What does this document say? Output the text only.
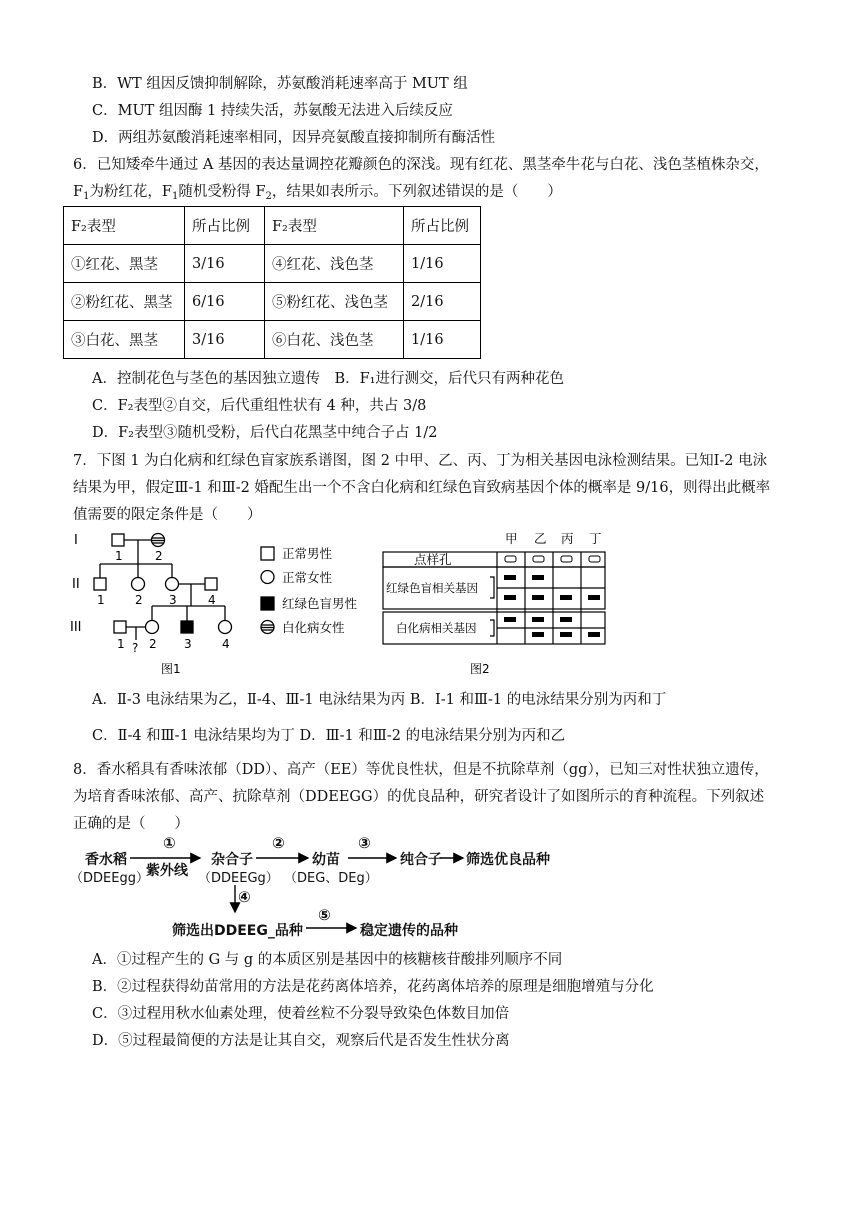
B．WT 组因反馈抑制解除，苏氨酸消耗速率高于 MUT 组
C．MUT 组因酶 1 持续失活，苏氨酸无法进入后续反应
D．两组苏氨酸消耗速率相同，因异亮氨酸直接抑制所有酶活性
6．已知矮牵牛通过 A 基因的表达量调控花瓣颜色的深浅。现有红花、黑茎牵牛花与白花、浅色茎植株杂交，
$F_1$为粉红花，$F_1$随机受粉得 $F_2$，结果如表所示。下列叙述错误的是（　　）
F₂表型	所占比例	F₂表型	所占比例
①红花、黑茎	3/16	④红花、浅色茎	1/16
②粉红花、黑茎	6/16	⑤粉红花、浅色茎	2/16
③白花、黑茎	3/16	⑥白花、浅色茎	1/16
A．控制花色与茎色的基因独立遗传　B．F₁进行测交，后代只有两种花色
C．F₂表型②自交，后代重组性状有 4 种，共占 3/8
D．F₂表型③随机受粉，后代白花黑茎中纯合子占 1/2
7．下图 1 为白化病和红绿色盲家族系谱图，图 2 中甲、乙、丙、丁为相关基因电泳检测结果。已知Ⅰ-2 电泳
结果为甲，假定Ⅲ-1 和Ⅲ-2 婚配生出一个不含白化病和红绿色盲致病基因个体的概率是 9/16，则得出此概率
值需要的限定条件是（　　）
I
II
III
1	2
1	2 3	4
1 2 3	4
?
图1
正常男性
正常女性
红绿色盲男性
白化病女性
甲 乙 丙 丁
点样孔
红绿色盲相关基因
白化病相关基因
图2
A．Ⅱ-3 电泳结果为乙，Ⅱ-4、Ⅲ-1 电泳结果为丙 B．Ⅰ-1 和Ⅲ-1 的电泳结果分别为丙和丁
C．Ⅱ-4 和Ⅲ-1 电泳结果均为丁 D．Ⅲ-1 和Ⅲ-2 的电泳结果分别为丙和乙
8．香水稻具有香味浓郁（DD）、高产（EE）等优良性状，但是不抗除草剂（gg），已知三对性状独立遗传，
为培育香味浓郁、高产、抗除草剂（DDEEGG）的优良品种，研究者设计了如图所示的育种流程。下列叙述
正确的是（　　）
①	②	③
④
⑤
香水稻
（DDEEgg）
紫外线
杂合子
（DDEEGg）
幼苗
（DEG、DEg）
纯合子 筛选优良品种
筛选出DDEEG_品种	稳定遗传的品种
A．①过程产生的 G 与 g 的本质区别是基因中的核糖核苷酸排列顺序不同
B．②过程获得幼苗常用的方法是花药离体培养，花药离体培养的原理是细胞增殖与分化
C．③过程用秋水仙素处理，使着丝粒不分裂导致染色体数目加倍
D．⑤过程最简便的方法是让其自交，观察后代是否发生性状分离
